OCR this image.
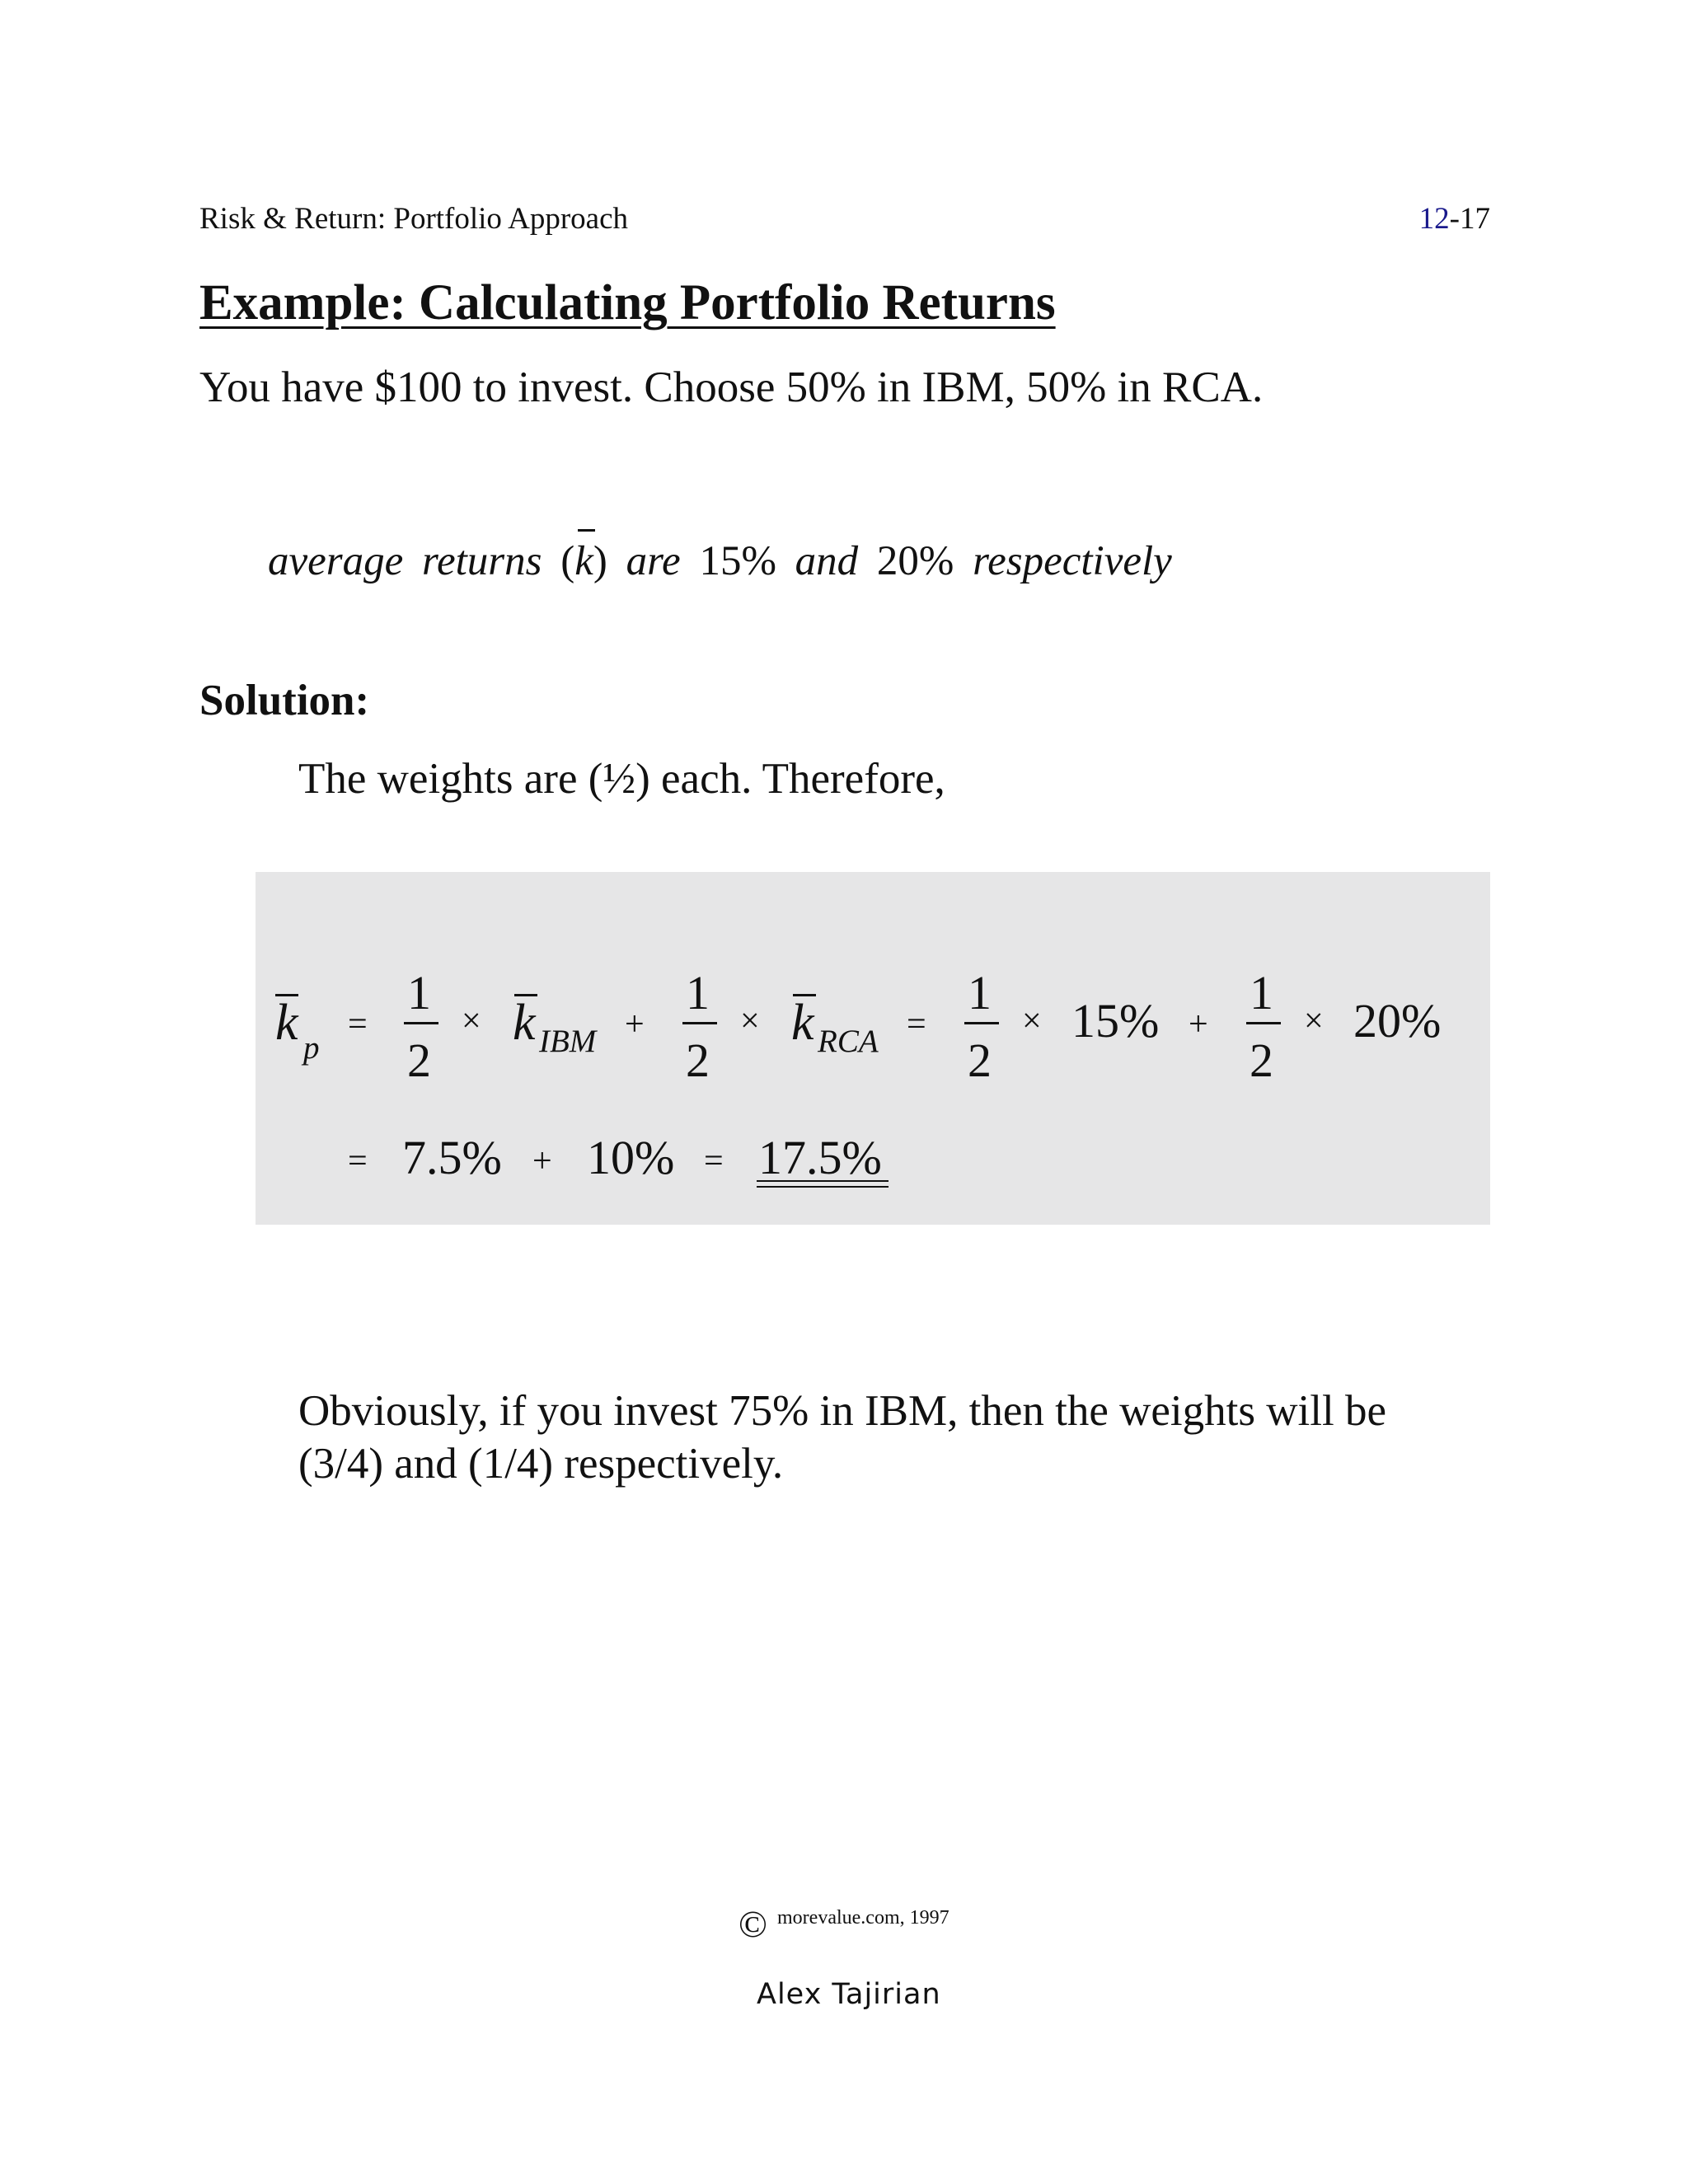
Risk & Return: Portfolio Approach	12-17
Example: Calculating Portfolio Returns
You have $100 to invest. Choose 50% in IBM, 50% in RCA.
average returns (
k) are 15% and 20% respectively
Solution:
The weights are (½) each. Therefore,
k p
=
1
2
× k IBM +
1
2
× k RCA =
1
2
× 15% +
1
2
× 20%
= 7.5% + 10% = 17.5%
Obviously, if you invest 75% in IBM, then the weights will be (3/4) and (1/4) respectively.
© morevalue.com, 1997
Alex Tajirian
